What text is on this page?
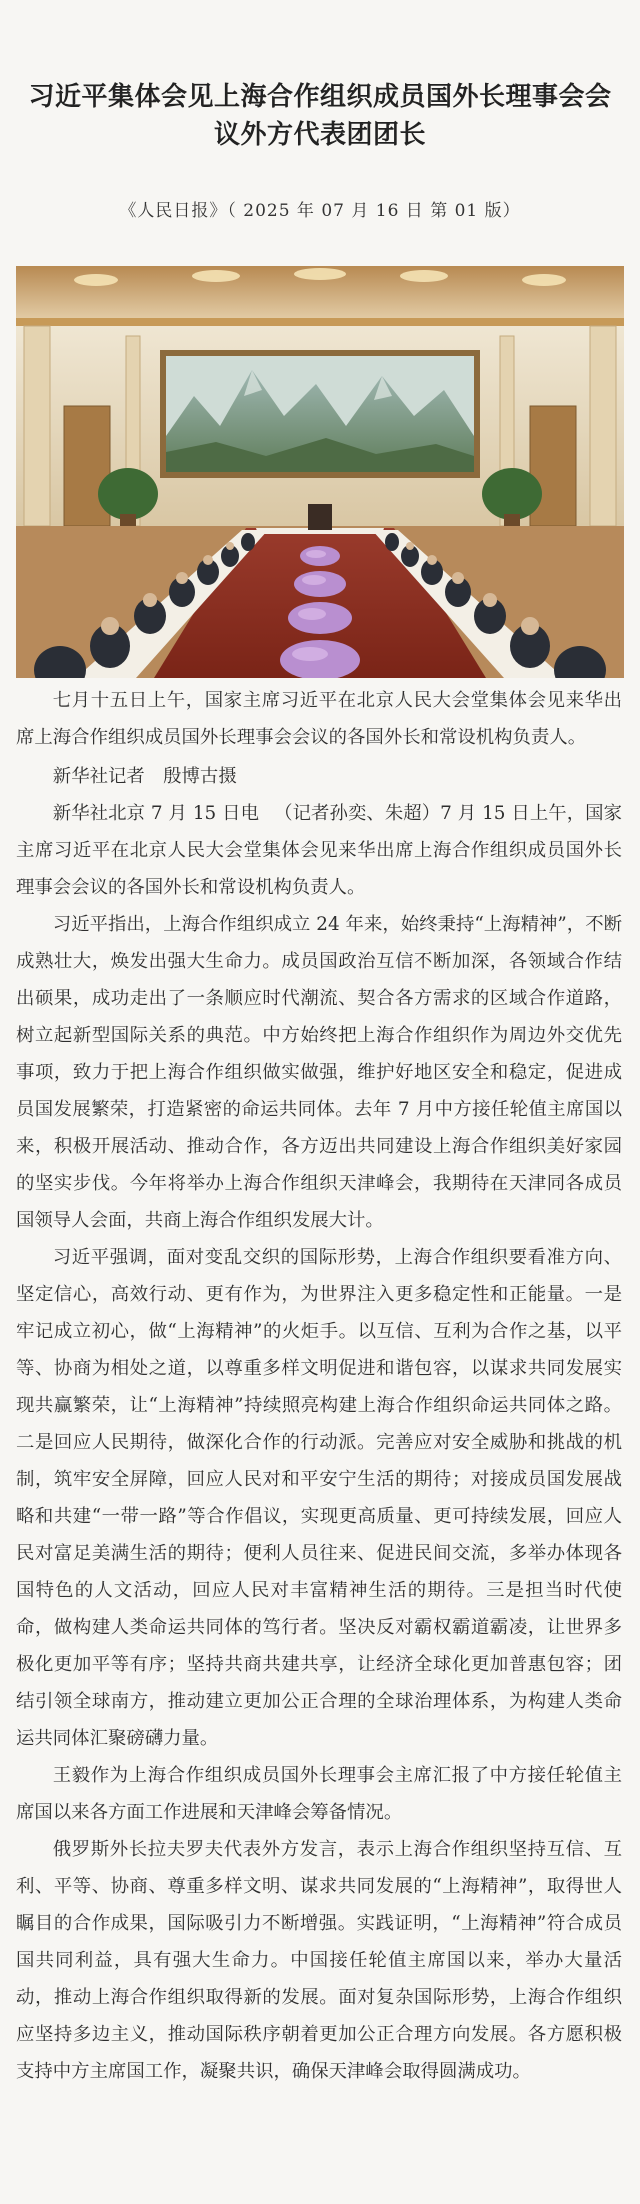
习近平集体会见上海合作组织成员国外长理事会会议外方代表团团长
《人民日报》（ 2025 年 07 月 16 日 第 01 版）

七月十五日上午，国家主席习近平在北京人民大会堂集体会见来华出席上海合作组织成员国外长理事会会议的各国外长和常设机构负责人。

新华社记者　殷博古摄

新华社北京 7 月 15 日电 　（记者孙奕、朱超）7 月 15 日上午，国家主席习近平在北京人民大会堂集体会见来华出席上海合作组织成员国外长理事会会议的各国外长和常设机构负责人。

习近平指出，上海合作组织成立 24 年来，始终秉持“上海精神”，不断成熟壮大，焕发出强大生命力。成员国政治互信不断加深，各领域合作结出硕果，成功走出了一条顺应时代潮流、契合各方需求的区域合作道路，树立起新型国际关系的典范。中方始终把上海合作组织作为周边外交优先事项，致力于把上海合作组织做实做强，维护好地区安全和稳定，促进成员国发展繁荣，打造紧密的命运共同体。去年 7 月中方接任轮值主席国以来，积极开展活动、推动合作，各方迈出共同建设上海合作组织美好家园的坚实步伐。今年将举办上海合作组织天津峰会，我期待在天津同各成员国领导人会面，共商上海合作组织发展大计。

习近平强调，面对变乱交织的国际形势，上海合作组织要看准方向、坚定信心，高效行动、更有作为，为世界注入更多稳定性和正能量。一是牢记成立初心，做“上海精神”的火炬手。以互信、互利为合作之基，以平等、协商为相处之道，以尊重多样文明促进和谐包容，以谋求共同发展实现共赢繁荣，让“上海精神”持续照亮构建上海合作组织命运共同体之路。二是回应人民期待，做深化合作的行动派。完善应对安全威胁和挑战的机制，筑牢安全屏障，回应人民对和平安宁生活的期待；对接成员国发展战略和共建“一带一路”等合作倡议，实现更高质量、更可持续发展，回应人民对富足美满生活的期待；便利人员往来、促进民间交流，多举办体现各国特色的人文活动，回应人民对丰富精神生活的期待。三是担当时代使命，做构建人类命运共同体的笃行者。坚决反对霸权霸道霸凌，让世界多极化更加平等有序；坚持共商共建共享，让经济全球化更加普惠包容；团结引领全球南方，推动建立更加公正合理的全球治理体系，为构建人类命运共同体汇聚磅礴力量。

王毅作为上海合作组织成员国外长理事会主席汇报了中方接任轮值主席国以来各方面工作进展和天津峰会筹备情况。

俄罗斯外长拉夫罗夫代表外方发言，表示上海合作组织坚持互信、互利、平等、协商、尊重多样文明、谋求共同发展的“上海精神”，取得世人瞩目的合作成果，国际吸引力不断增强。实践证明，“上海精神”符合成员国共同利益，具有强大生命力。中国接任轮值主席国以来，举办大量活动，推动上海合作组织取得新的发展。面对复杂国际形势，上海合作组织应坚持多边主义，推动国际秩序朝着更加公正合理方向发展。各方愿积极支持中方主席国工作，凝聚共识，确保天津峰会取得圆满成功。
